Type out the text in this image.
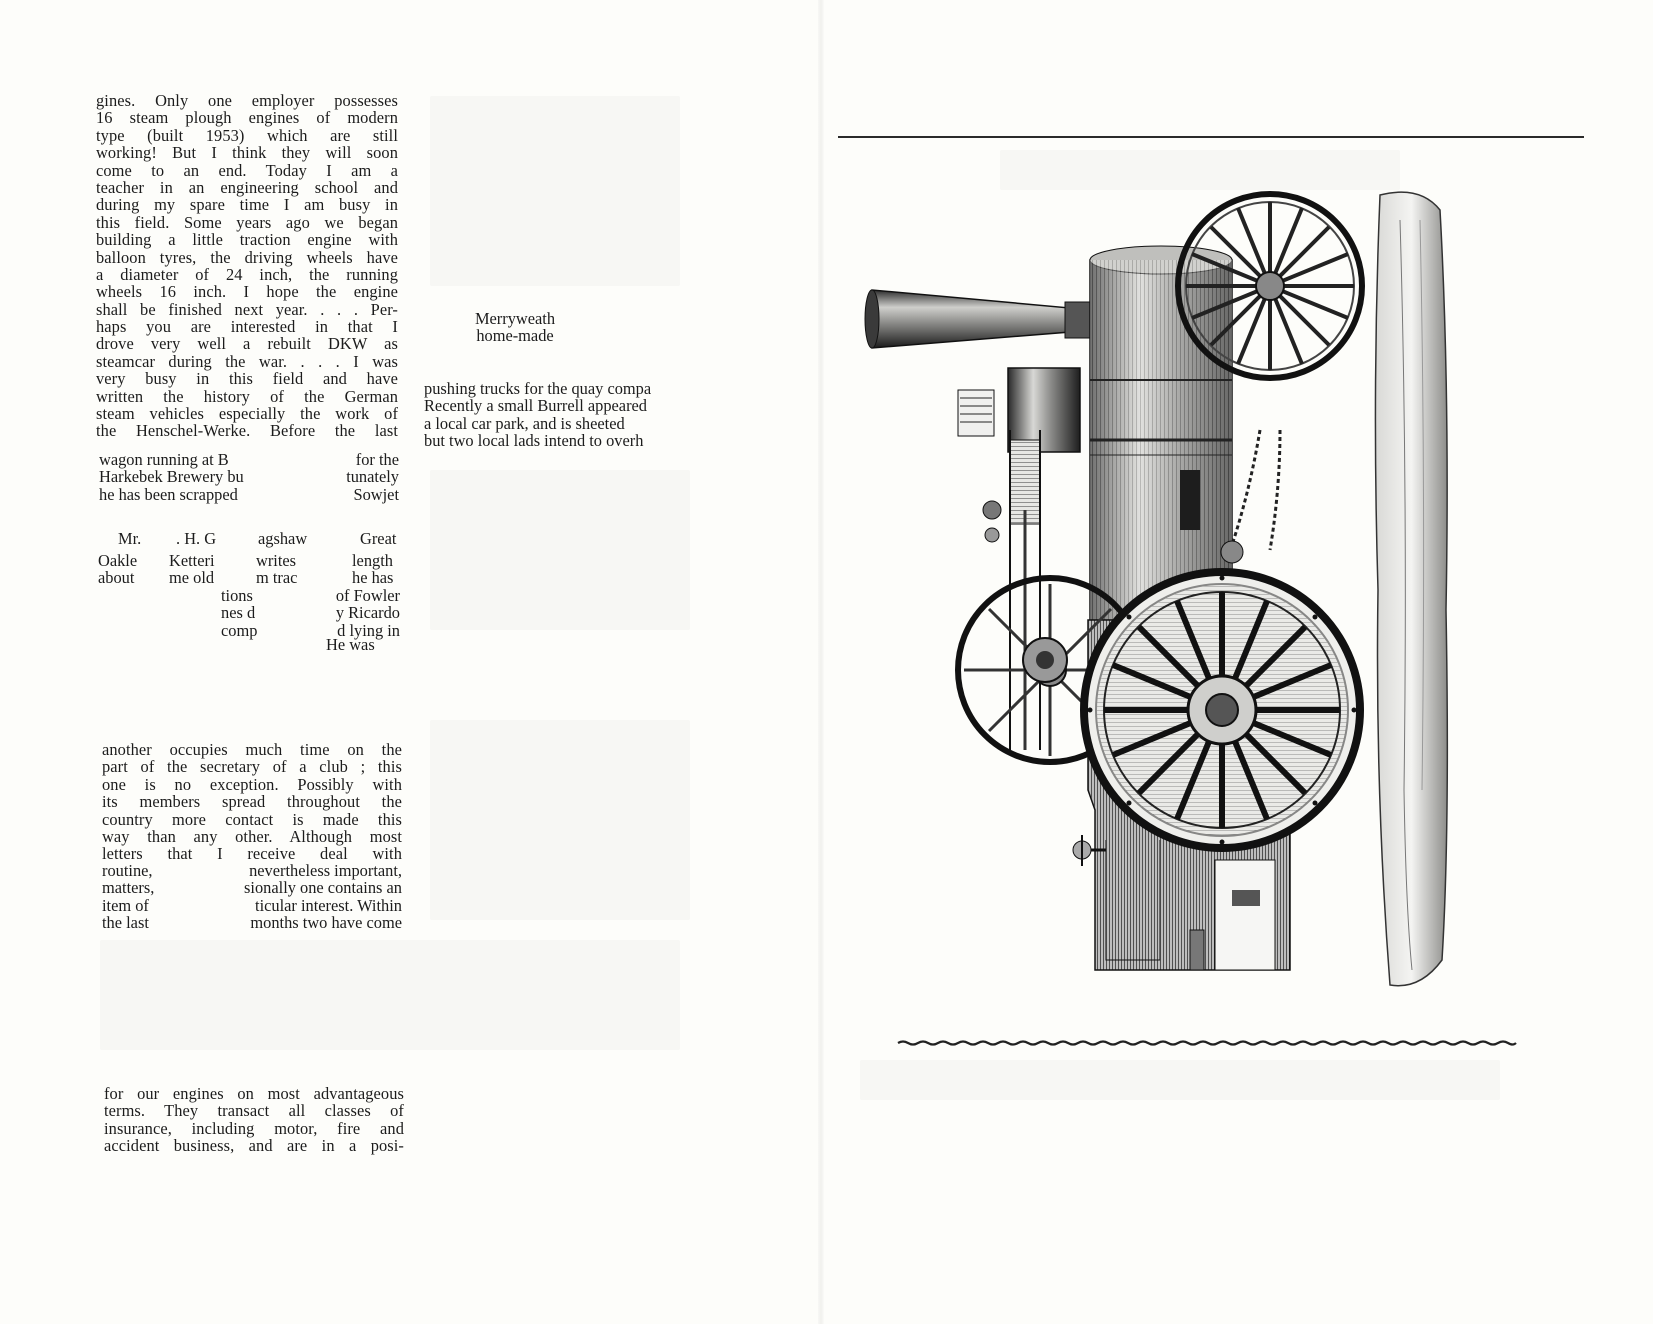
gines. Only one employer possesses
16 steam plough engines of modern
type (built 1953) which are still
working! But I think they will soon
come to an end. Today I am a
teacher in an engineering school and
during my spare time I am busy in
this field. Some years ago we began
building a little traction engine with
balloon tyres, the driving wheels have
a diameter of 24 inch, the running
wheels 16 inch. I hope the engine
shall be finished next year. . . . Per-
haps you are interested in that I
drove very well a rebuilt DKW as
steamcar during the war. . . . I was
very busy in this field and have
written the history of the German
steam vehicles especially the work of
the Henschel-Werke. Before the last
wagon running at B	for the
Harkebek Brewery bu	tunately
he has been scrapped	Sowjet
Mr. . H. G	agshaw	Great
Oakle Ketteri	writes	length
about me old	m trac	he has
tions	of Fowler
nes d	y Ricardo
comp	d lying in
He was
Merryweath
home-made
pushing trucks for the quay compa
Recently a small Burrell appeared
a local car park, and is sheeted
but two local lads intend to overh
another occupies much time on the
part of the secretary of a club ; this
one is no exception. Possibly with
its members spread throughout the
country more contact is made this
way than any other. Although most
letters that I receive deal with
routine,	nevertheless important,
matters,	sionally one contains an
item of	ticular interest. Within
the last	months two have come
for our engines on most advantageous
terms. They transact all classes of
insurance, including motor, fire and
accident business, and are in a posi-
